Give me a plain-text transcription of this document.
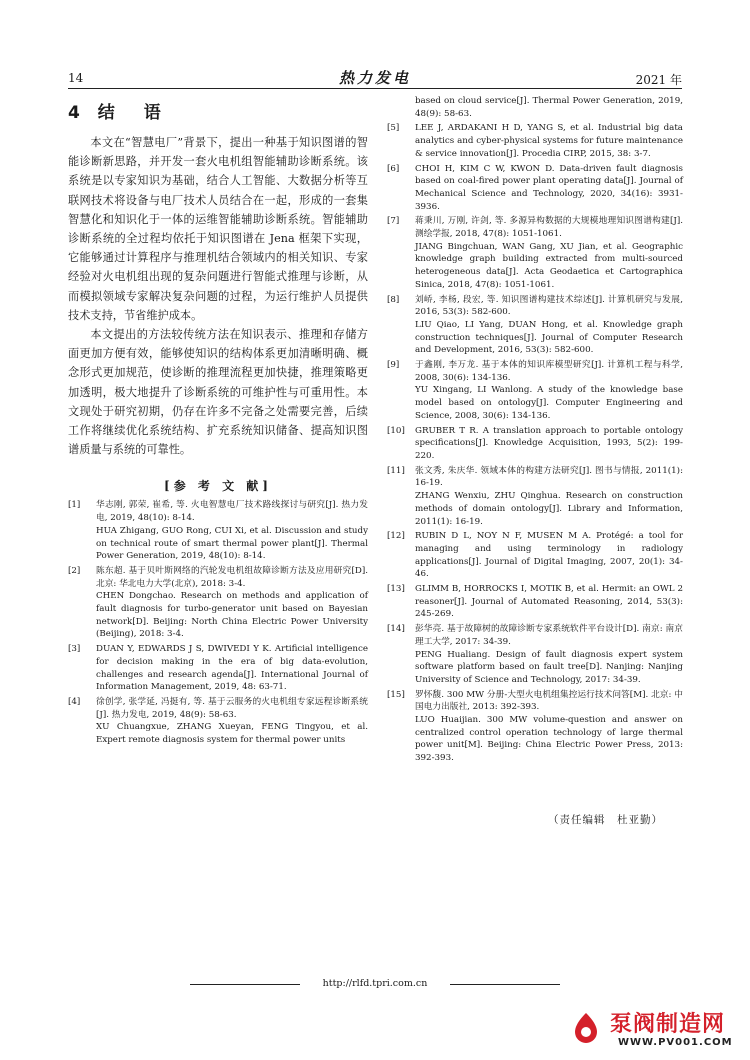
14	热力发电	2021 年
4 结　语

本文在“智慧电厂”背景下，提出一种基于知识图谱的智能诊断新思路，并开发一套火电机组智能辅助诊断系统。该系统是以专家知识为基础，结合人工智能、大数据分析等互联网技术将设备与电厂技术人员结合在一起，形成的一套集智慧化和知识化于一体的运维智能辅助诊断系统。智能辅助诊断系统的全过程均依托于知识图谱在 Jena 框架下实现，它能够通过计算程序与推理机结合领域内的相关知识、专家经验对火电机组出现的复杂问题进行智能式推理与诊断，从而模拟领域专家解决复杂问题的过程，为运行维护人员提供技术支持，节省维护成本。

本文提出的方法较传统方法在知识表示、推理和存储方面更加方便有效，能够使知识的结构体系更加清晰明确、概念形式更加规范，使诊断的推理流程更加快捷，推理策略更加透明，极大地提升了诊断系统的可维护性与可重用性。本文现处于研究初期，仍存在许多不完备之处需要完善，后续工作将继续优化系统结构、扩充系统知识储备、提高知识图谱质量与系统的可靠性。

[参 考 文 献]
[1] 华志刚, 郭荣, 崔希, 等. 火电智慧电厂技术路线探讨与研究[J]. 热力发电, 2019, 48(10): 8-14.
HUA Zhigang, GUO Rong, CUI Xi, et al. Discussion and study on technical route of smart thermal power plant[J]. Thermal Power Generation, 2019, 48(10): 8-14.
[2] 陈东超. 基于贝叶斯网络的汽轮发电机组故障诊断方法及应用研究[D]. 北京: 华北电力大学(北京), 2018: 3-4.
CHEN Dongchao. Research on methods and application of fault diagnosis for turbo-generator unit based on Bayesian network[D]. Beijing: North China Electric Power University (Beijing), 2018: 3-4.
[3] DUAN Y, EDWARDS J S, DWIVEDI Y K. Artificial intelligence for decision making in the era of big data-evolution, challenges and research agenda[J]. International Journal of Information Management, 2019, 48: 63-71.
[4] 徐创学, 张学延, 冯挺有, 等. 基于云服务的火电机组专家远程诊断系统[J]. 热力发电, 2019, 48(9): 58-63.
XU Chuangxue, ZHANG Xueyan, FENG Tingyou, et al. Expert remote diagnosis system for thermal power units
based on cloud service[J]. Thermal Power Generation, 2019, 48(9): 58-63.
[5] LEE J, ARDAKANI H D, YANG S, et al. Industrial big data analytics and cyber-physical systems for future maintenance & service innovation[J]. Procedia CIRP, 2015, 38: 3-7.
[6] CHOI H, KIM C W, KWON D. Data-driven fault diagnosis based on coal-fired power plant operating data[J]. Journal of Mechanical Science and Technology, 2020, 34(16): 3931-3936.
[7] 蒋秉川, 万刚, 许剑, 等. 多源异构数据的大规模地理知识图谱构建[J]. 测绘学报, 2018, 47(8): 1051-1061.
JIANG Bingchuan, WAN Gang, XU Jian, et al. Geographic knowledge graph building extracted from multi-sourced heterogeneous data[J]. Acta Geodaetica et Cartographica Sinica, 2018, 47(8): 1051-1061.
[8] 刘峤, 李杨, 段宏, 等. 知识图谱构建技术综述[J]. 计算机研究与发展, 2016, 53(3): 582-600.
LIU Qiao, LI Yang, DUAN Hong, et al. Knowledge graph construction techniques[J]. Journal of Computer Research and Development, 2016, 53(3): 582-600.
[9] 于鑫刚, 李万龙. 基于本体的知识库模型研究[J]. 计算机工程与科学, 2008, 30(6): 134-136.
YU Xingang, LI Wanlong. A study of the knowledge base model based on ontology[J]. Computer Engineering and Science, 2008, 30(6): 134-136.
[10] GRUBER T R. A translation approach to portable ontology specifications[J]. Knowledge Acquisition, 1993, 5(2): 199-220.
[11] 张文秀, 朱庆华. 领域本体的构建方法研究[J]. 图书与情报, 2011(1): 16-19.
ZHANG Wenxiu, ZHU Qinghua. Research on construction methods of domain ontology[J]. Library and Information, 2011(1): 16-19.
[12] RUBIN D L, NOY N F, MUSEN M A. Protégé: a tool for managing and using terminology in radiology applications[J]. Journal of Digital Imaging, 2007, 20(1): 34-46.
[13] GLIMM B, HORROCKS I, MOTIK B, et al. Hermit: an OWL 2 reasoner[J]. Journal of Automated Reasoning, 2014, 53(3): 245-269.
[14] 彭华亮. 基于故障树的故障诊断专家系统软件平台设计[D]. 南京: 南京理工大学, 2017: 34-39.
PENG Hualiang. Design of fault diagnosis expert system software platform based on fault tree[D]. Nanjing: Nanjing University of Science and Technology, 2017: 34-39.
[15] 罗怀馥. 300 MW 分册-大型火电机组集控运行技术问答[M]. 北京: 中国电力出版社, 2013: 392-393.
LUO Huaijian. 300 MW volume-question and answer on centralized control operation technology of large thermal power unit[M]. Beijing: China Electric Power Press, 2013: 392-393.
（责任编辑　杜亚勤）
http://rlfd.tpri.com.cn
泵阀制造网
WWW.PV001.COM
